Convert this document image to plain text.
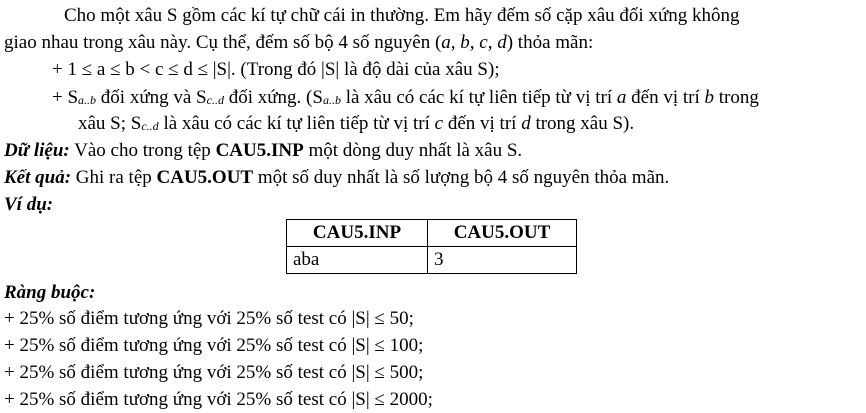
Cho một xâu S gồm các kí tự chữ cái in thường. Em hãy đếm số cặp xâu đối xứng không
giao nhau trong xâu này. Cụ thể, đếm số bộ 4 số nguyên (a, b, c, d) thỏa mãn:
+ 1 ≤ a ≤ b < c ≤ d ≤ |S|. (Trong đó |S| là độ dài của xâu S);
+ $S_{a..b}$ đối xứng và $S_{c..d}$ đối xứng. ($S_{a..b}$ là xâu có các kí tự liên tiếp từ vị trí a đến vị trí b trong
xâu S; $S_{c..d}$ là xâu có các kí tự liên tiếp từ vị trí c đến vị trí d trong xâu S).
Dữ liệu: Vào cho trong tệp CAU5.INP một dòng duy nhất là xâu S.
Kết quả: Ghi ra tệp CAU5.OUT một số duy nhất là số lượng bộ 4 số nguyên thỏa mãn.
Ví dụ:
CAU5.INP	CAU5.OUT
aba	3
Ràng buộc:
+ 25% số điểm tương ứng với 25% số test có |S| ≤ 50;
+ 25% số điểm tương ứng với 25% số test có |S| ≤ 100;
+ 25% số điểm tương ứng với 25% số test có |S| ≤ 500;
+ 25% số điểm tương ứng với 25% số test có |S| ≤ 2000;
